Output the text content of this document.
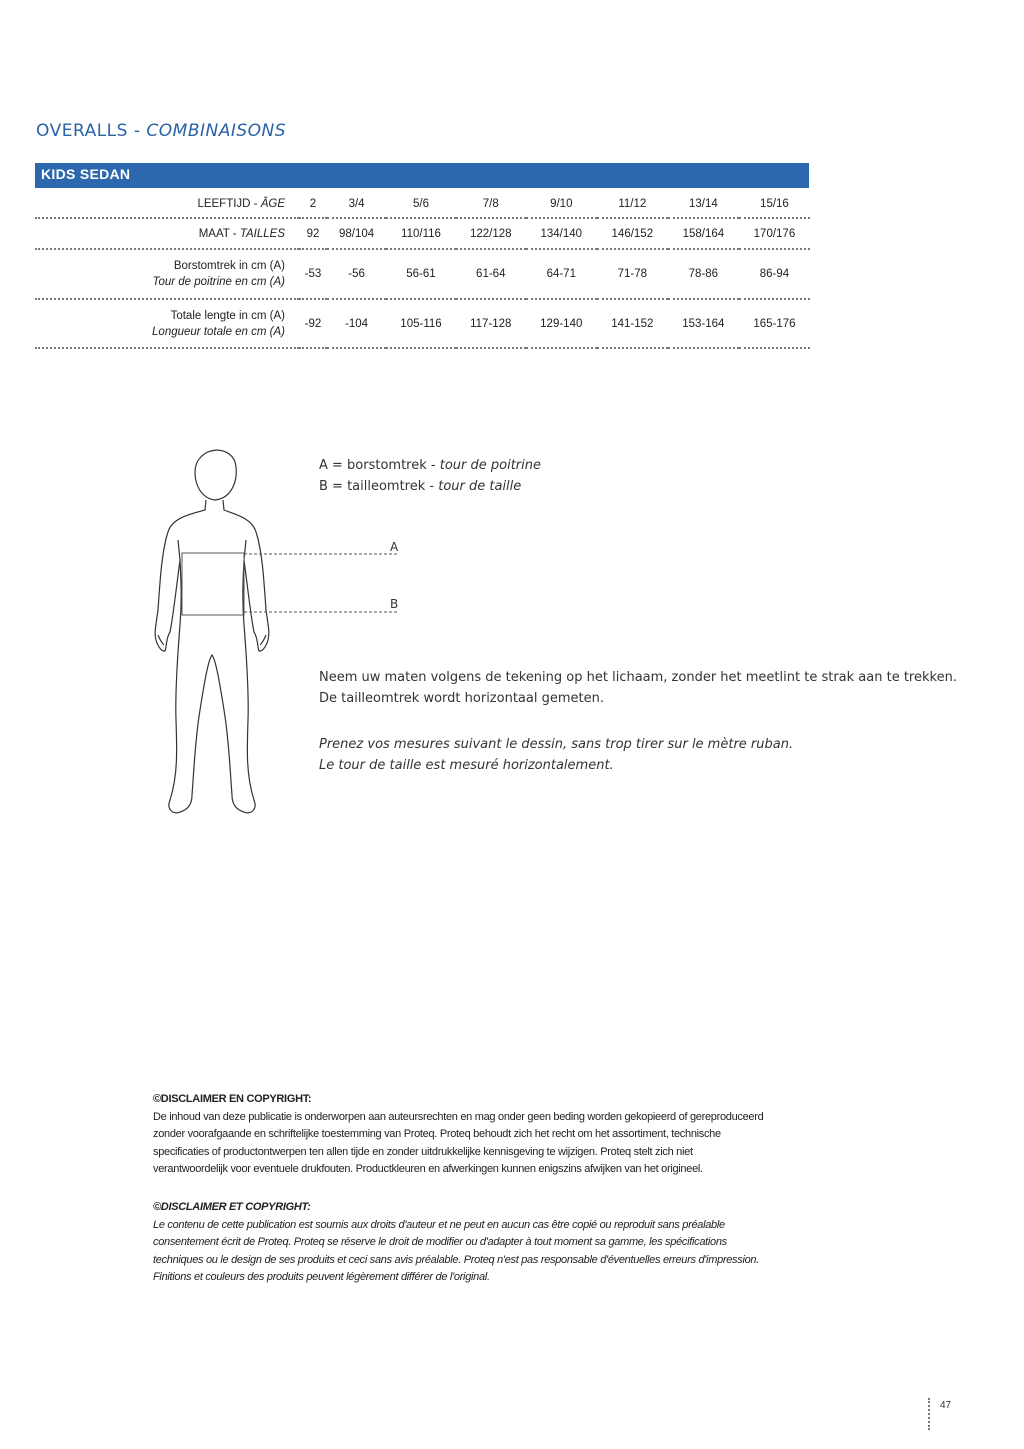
OVERALLS - COMBINAISONS
KIDS SEDAN
LEEFTIJD - ÂGE	2	3/4	5/6	7/8	9/10	11/12	13/14	15/16
MAAT - TAILLES	92	98/104	110/116	122/128	134/140	146/152	158/164	170/176
Borstomtrek in cm (A)
Tour de poitrine en cm (A)	-53	-56	56-61	61-64	64-71	71-78	78-86	86-94
Totale lengte in cm (A)
Longueur totale en cm (A)	-92	-104	105-116	117-128	129-140	141-152	153-164	165-176
A
B
A = borstomtrek - tour de poitrine
B = tailleomtrek - tour de taille
Neem uw maten volgens de tekening op het lichaam, zonder het meetlint te strak aan te trekken.
De tailleomtrek wordt horizontaal gemeten.
Prenez vos mesures suivant le dessin, sans trop tirer sur le mètre ruban.
Le tour de taille est mesuré horizontalement.
©DISCLAIMER EN COPYRIGHT:
De inhoud van deze publicatie is onderworpen aan auteursrechten en mag onder geen beding worden gekopieerd of gereproduceerd
zonder voorafgaande en schriftelijke toestemming van Proteq. Proteq behoudt zich het recht om het assortiment, technische
specificaties of productontwerpen ten allen tijde en zonder uitdrukkelijke kennisgeving te wijzigen. Proteq stelt zich niet
verantwoordelijk voor eventuele drukfouten. Productkleuren en afwerkingen kunnen enigszins afwijken van het origineel.
©DISCLAIMER ET COPYRIGHT:
Le contenu de cette publication est soumis aux droits d'auteur et ne peut en aucun cas être copié ou reproduit sans préalable
consentement écrit de Proteq. Proteq se réserve le droit de modifier ou d'adapter à tout moment sa gamme, les spécifications
techniques ou le design de ses produits et ceci sans avis préalable. Proteq n'est pas responsable d'éventuelles erreurs d'impression.
Finitions et couleurs des produits peuvent légèrement différer de l'original.
47
